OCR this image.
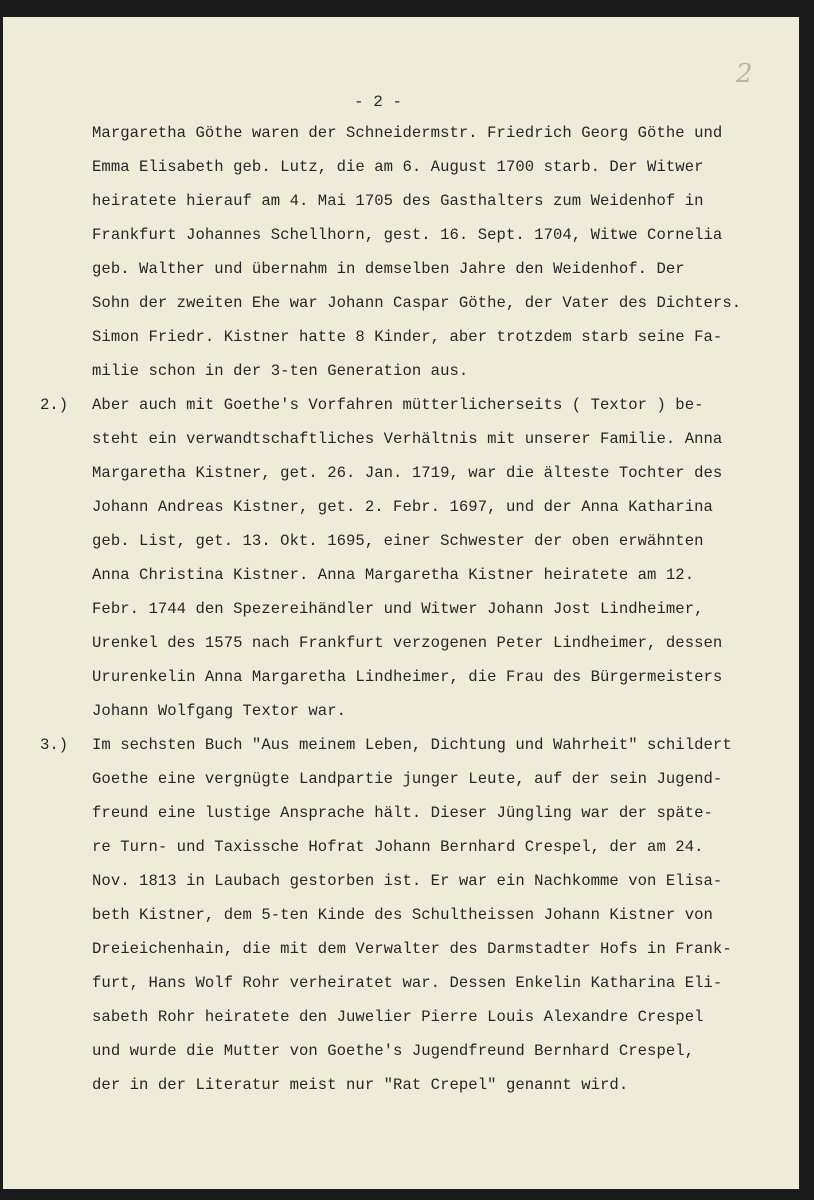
2
- 2 -
Margaretha Göthe waren der Schneidermstr. Friedrich Georg Göthe und
Emma Elisabeth geb. Lutz, die am 6. August 1700 starb. Der Witwer
heiratete hierauf am 4. Mai 1705 des Gasthalters zum Weidenhof in
Frankfurt Johannes Schellhorn, gest. 16. Sept. 1704, Witwe Cornelia
geb. Walther und übernahm in demselben Jahre den Weidenhof. Der
Sohn der zweiten Ehe war Johann Caspar Göthe, der Vater des Dichters.
Simon Friedr. Kistner hatte 8 Kinder, aber trotzdem starb seine Fa-
milie schon in der 3-ten Generation aus.
2.) Aber auch mit Goethe's Vorfahren mütterlicherseits ( Textor ) be-
steht ein verwandtschaftliches Verhältnis mit unserer Familie. Anna
Margaretha Kistner, get. 26. Jan. 1719, war die älteste Tochter des
Johann Andreas Kistner, get. 2. Febr. 1697, und der Anna Katharina
geb. List, get. 13. Okt. 1695, einer Schwester der oben erwähnten
Anna Christina Kistner. Anna Margaretha Kistner heiratete am 12.
Febr. 1744 den Spezereihändler und Witwer Johann Jost Lindheimer,
Urenkel des 1575 nach Frankfurt verzogenen Peter Lindheimer, dessen
Ururenkelin Anna Margaretha Lindheimer, die Frau des Bürgermeisters
Johann Wolfgang Textor war.
3.) Im sechsten Buch "Aus meinem Leben, Dichtung und Wahrheit" schildert
Goethe eine vergnügte Landpartie junger Leute, auf der sein Jugend-
freund eine lustige Ansprache hält. Dieser Jüngling war der späte-
re Turn- und Taxissche Hofrat Johann Bernhard Crespel, der am 24.
Nov. 1813 in Laubach gestorben ist. Er war ein Nachkomme von Elisa-
beth Kistner, dem 5-ten Kinde des Schultheissen Johann Kistner von
Dreieichenhain, die mit dem Verwalter des Darmstadter Hofs in Frank-
furt, Hans Wolf Rohr verheiratet war. Dessen Enkelin Katharina Eli-
sabeth Rohr heiratete den Juwelier Pierre Louis Alexandre Crespel
und wurde die Mutter von Goethe's Jugendfreund Bernhard Crespel,
der in der Literatur meist nur "Rat Crepel" genannt wird.
